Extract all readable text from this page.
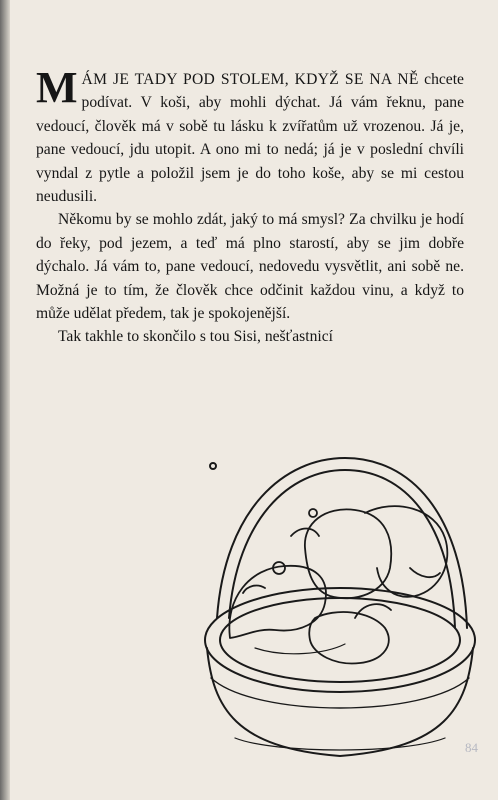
MÁM JE TADY POD STOLEM, KDYŽ SE NA NĚ chcete podívat. V koši, aby mohli dýchat. Já vám řeknu, pane vedoucí, člověk má v sobě tu lásku k zvířatům už vrozenou. Já je, pane vedoucí, jdu utopit. A ono mi to nedá; já je v poslední chvíli vyndal z pytle a položil jsem je do toho koše, aby se mi cestou neudusili.

Někomu by se mohlo zdát, jaký to má smysl? Za chvilku je hodí do řeky, pod jezem, a teď má plno starostí, aby se jim dobře dýchalo. Já vám to, pane vedoucí, nedovedu vysvětlit, ani sobě ne. Možná je to tím, že člověk chce odčinit každou vinu, a když to může udělat předem, tak je spokojenější.

Tak takhle to skončilo s tou Sisi, nešťastnicí

84
